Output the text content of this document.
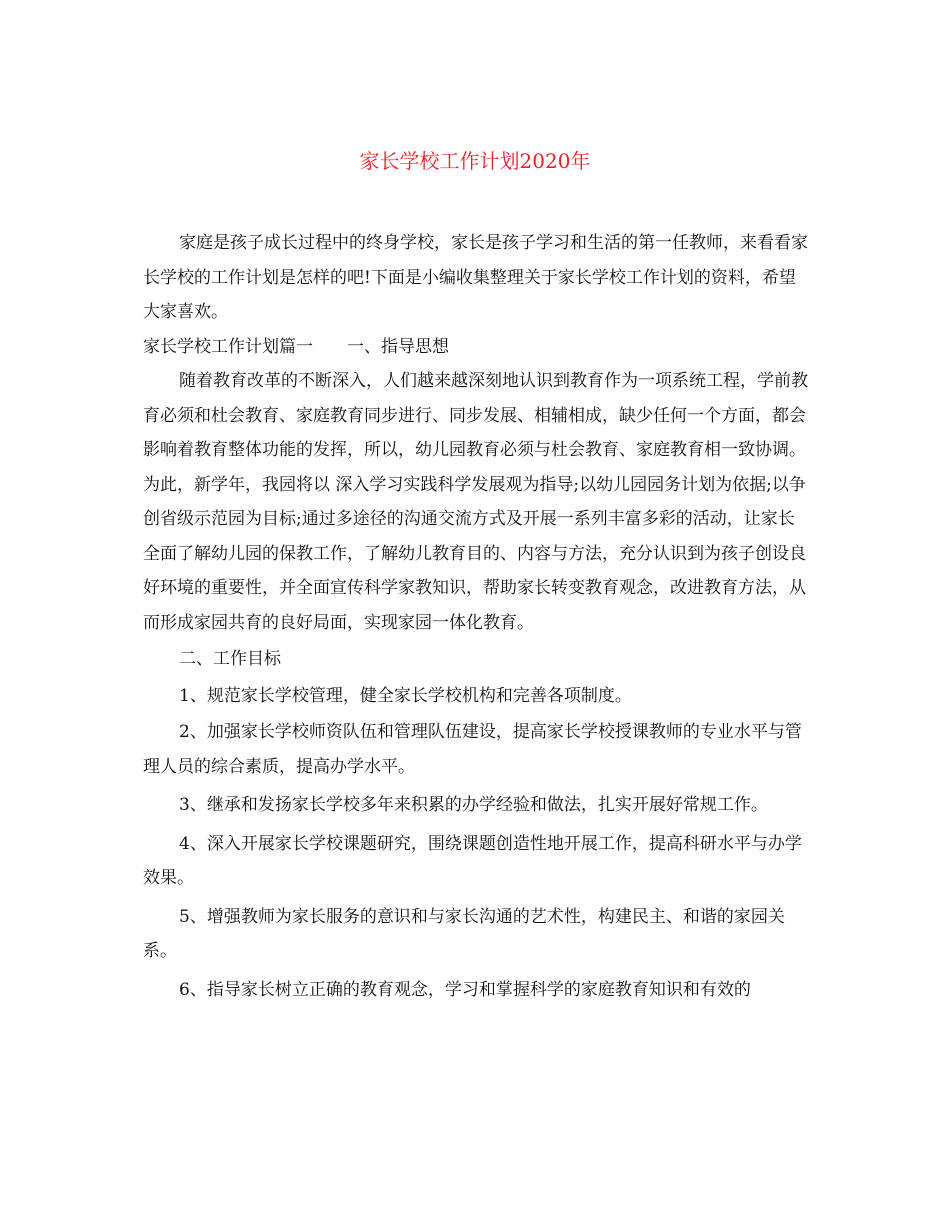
家长学校工作计划2020年

家庭是孩子成长过程中的终身学校，家长是孩子学习和生活的第一任教师，来看看家长学校的工作计划是怎样的吧!下面是小编收集整理关于家长学校工作计划的资料，希望大家喜欢。

家长学校工作计划篇一　　一、指导思想

随着教育改革的不断深入，人们越来越深刻地认识到教育作为一项系统工程，学前教育必须和杜会教育、家庭教育同步进行、同步发展、相辅相成，缺少任何一个方面，都会影响着教育整体功能的发挥，所以，幼儿园教育必须与杜会教育、家庭教育相一致协调。为此，新学年，我园将以 深入学习实践科学发展观为指导;以幼儿园园务计划为依据;以争创省级示范园为目标;通过多途径的沟通交流方式及开展一系列丰富多彩的活动，让家长全面了解幼儿园的保教工作，了解幼儿教育目的、内容与方法，充分认识到为孩子创设良好环境的重要性，并全面宣传科学家教知识，帮助家长转变教育观念，改进教育方法，从而形成家园共育的良好局面，实现家园一体化教育。

二、工作目标

1、规范家长学校管理，健全家长学校机构和完善各项制度。

2、加强家长学校师资队伍和管理队伍建设，提高家长学校授课教师的专业水平与管理人员的综合素质，提高办学水平。

3、继承和发扬家长学校多年来积累的办学经验和做法，扎实开展好常规工作。

4、深入开展家长学校课题研究，围绕课题创造性地开展工作，提高科研水平与办学效果。

5、增强教师为家长服务的意识和与家长沟通的艺术性，构建民主、和谐的家园关系。

6、指导家长树立正确的教育观念，学习和掌握科学的家庭教育知识和有效的
